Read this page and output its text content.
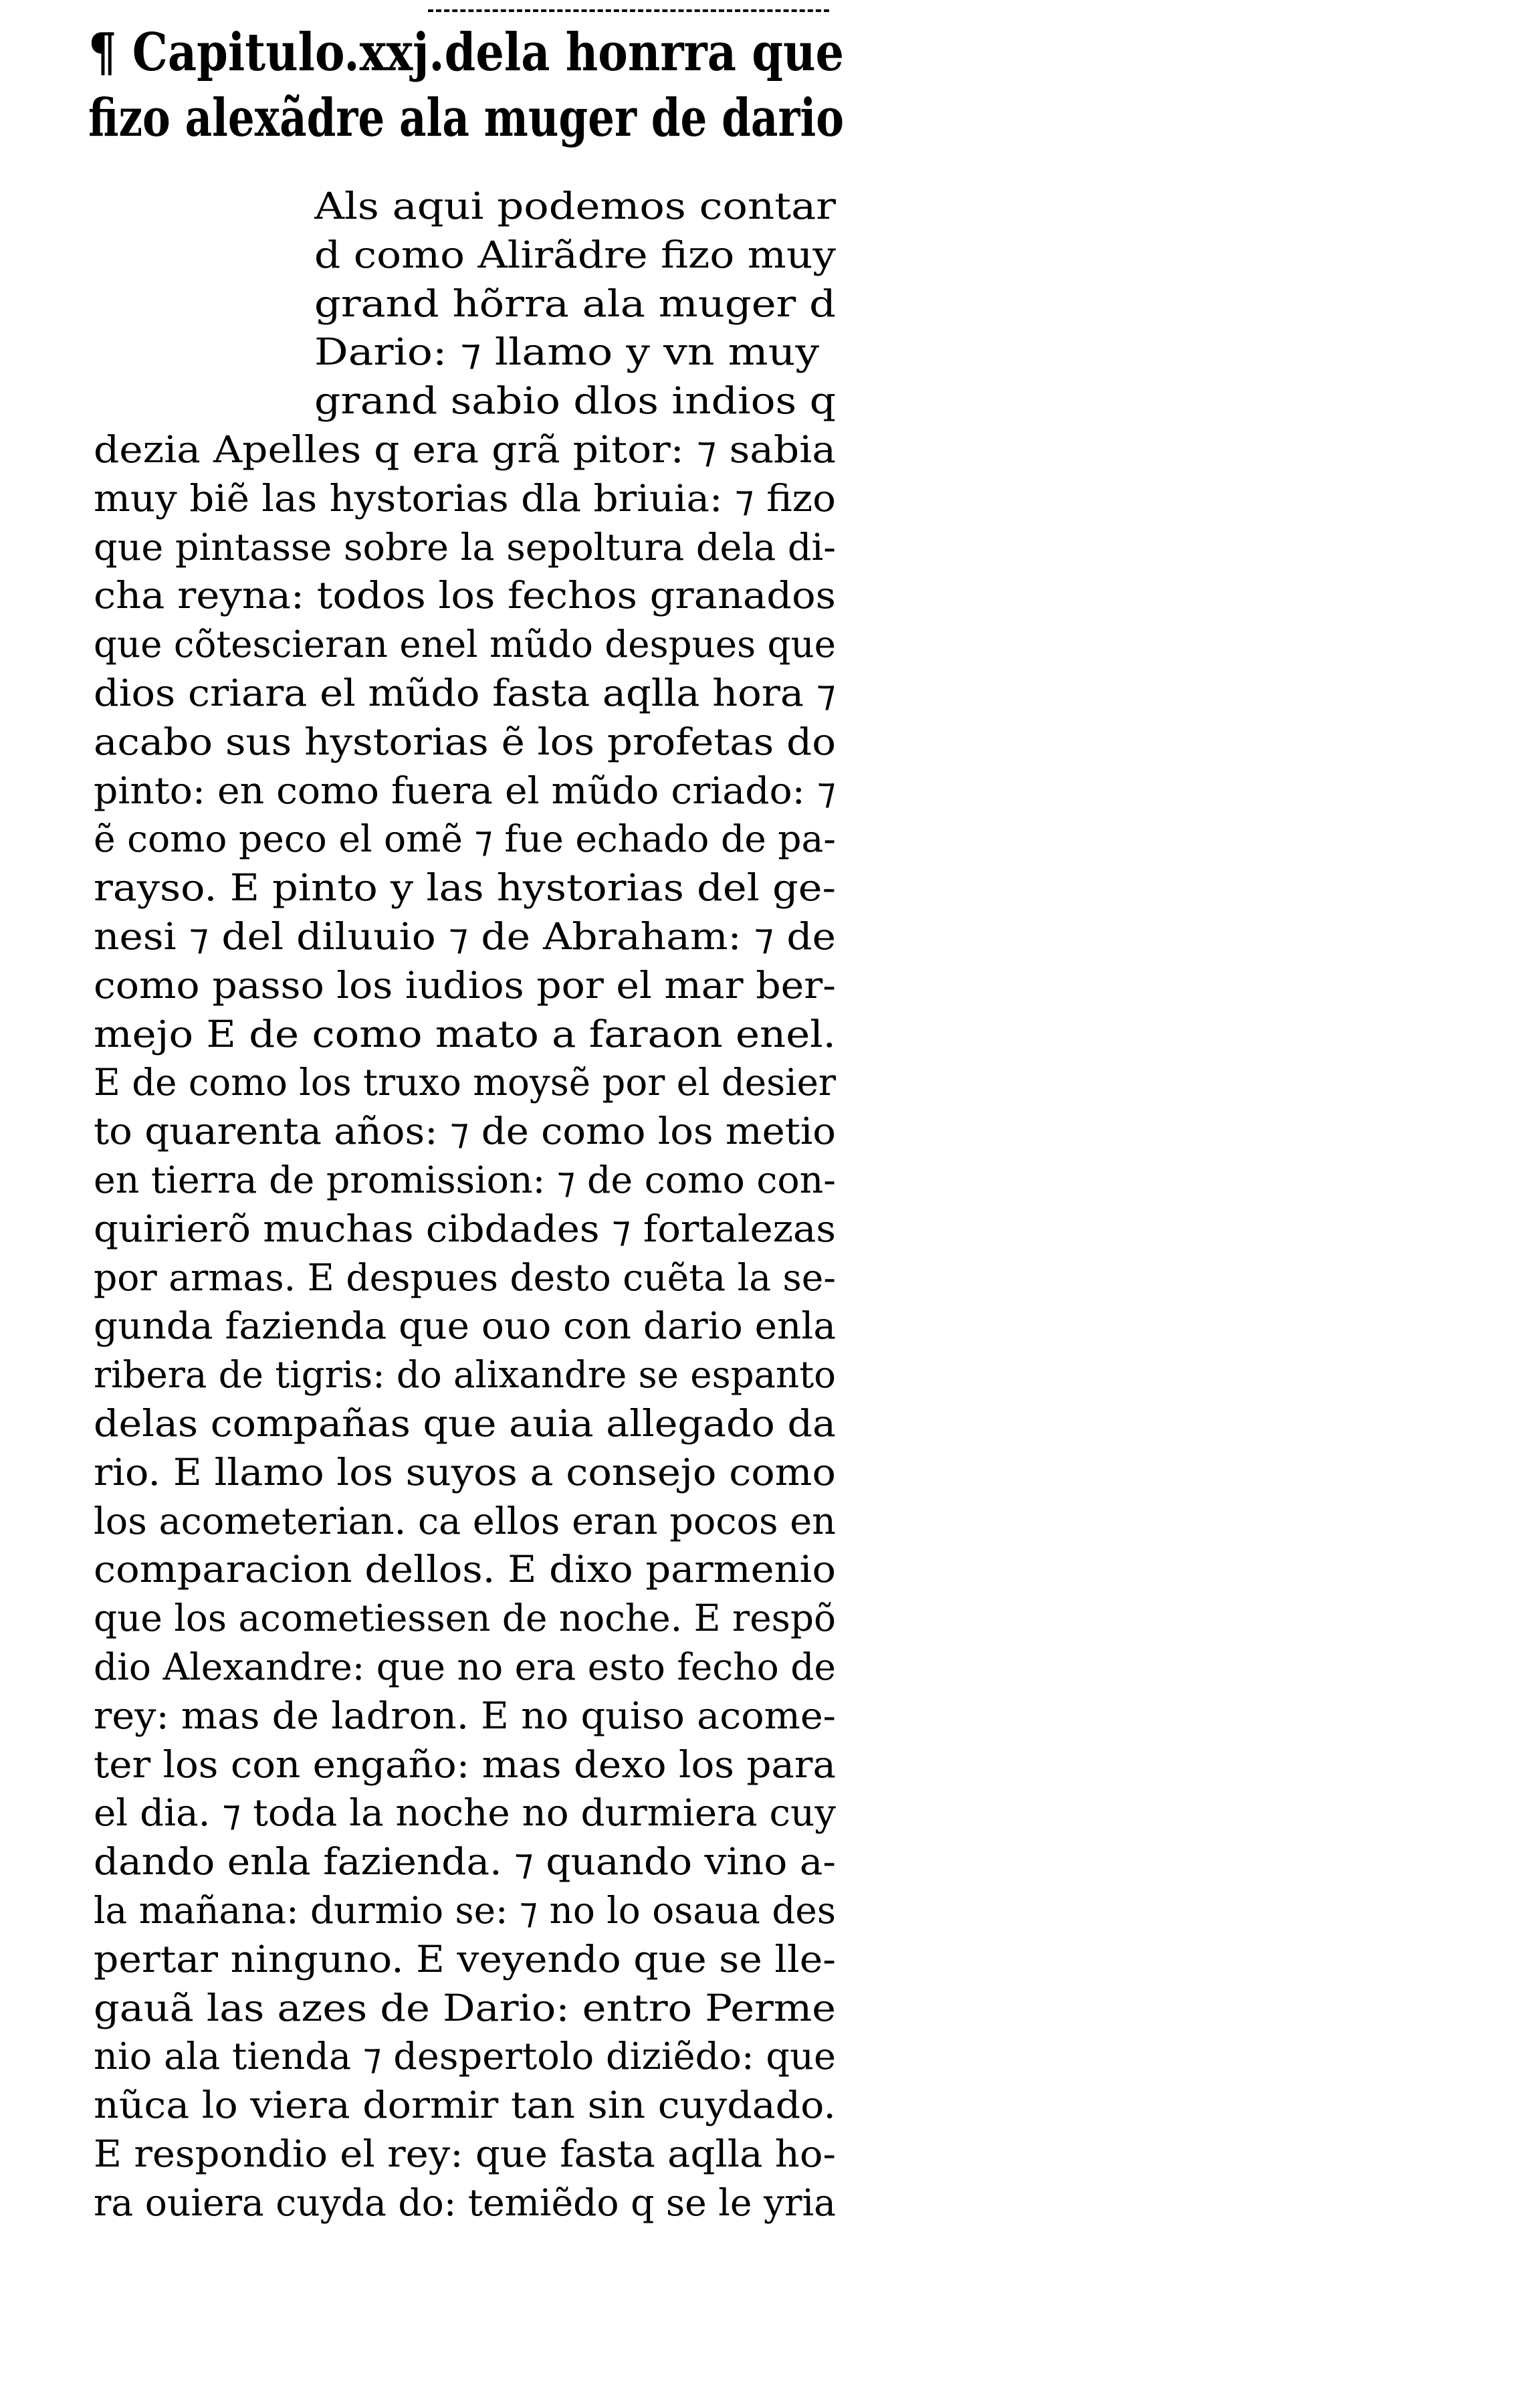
¶ Capitulo.xxj.dela honrra que
fizo alexãdre ala muger de dario
Als aqui podemos contar
d como Alirãdre fizo muy
grand hõrra ala muger d
Dario: ⁊ llamo y vn muy
grand sabio dlos indios q
dezia Apelles q era grã pitor: ⁊ sabia
muy biẽ las hystorias dla briuia: ⁊ fizo
que pintasse sobre la sepoltura dela di-
cha reyna: todos los fechos granados
que cõtescieran enel mũdo despues que
dios criara el mũdo fasta aqlla hora ⁊
acabo sus hystorias ẽ los profetas do
pinto: en como fuera el mũdo criado: ⁊
ẽ como peco el omẽ ⁊ fue echado de pa-
rayso. E pinto y las hystorias del ge-
nesi ⁊ del diluuio ⁊ de Abraham: ⁊ de
como passo los iudios por el mar ber-
mejo E de como mato a faraon enel.
E de como los truxo moysẽ por el desier
to quarenta años: ⁊ de como los metio
en tierra de promission: ⁊ de como con-
quirierõ muchas cibdades ⁊ fortalezas
por armas. E despues desto cuẽta la se-
gunda fazienda que ouo con dario enla
ribera de tigris: do alixandre se espanto
delas compañas que auia allegado da
rio. E llamo los suyos a consejo como
los acometerian. ca ellos eran pocos en
comparacion dellos. E dixo parmenio
que los acometiessen de noche. E respõ
dio Alexandre: que no era esto fecho de
rey: mas de ladron. E no quiso acome-
ter los con engaño: mas dexo los para
el dia. ⁊ toda la noche no durmiera cuy
dando enla fazienda. ⁊ quando vino a-
la mañana: durmio se: ⁊ no lo osaua des
pertar ninguno. E veyendo que se lle-
gauã las azes de Dario: entro Perme
nio ala tienda ⁊ despertolo diziẽdo: que
nũca lo viera dormir tan sin cuydado.
E respondio el rey: que fasta aqlla ho-
ra ouiera cuyda do: temiẽdo q se le yria
